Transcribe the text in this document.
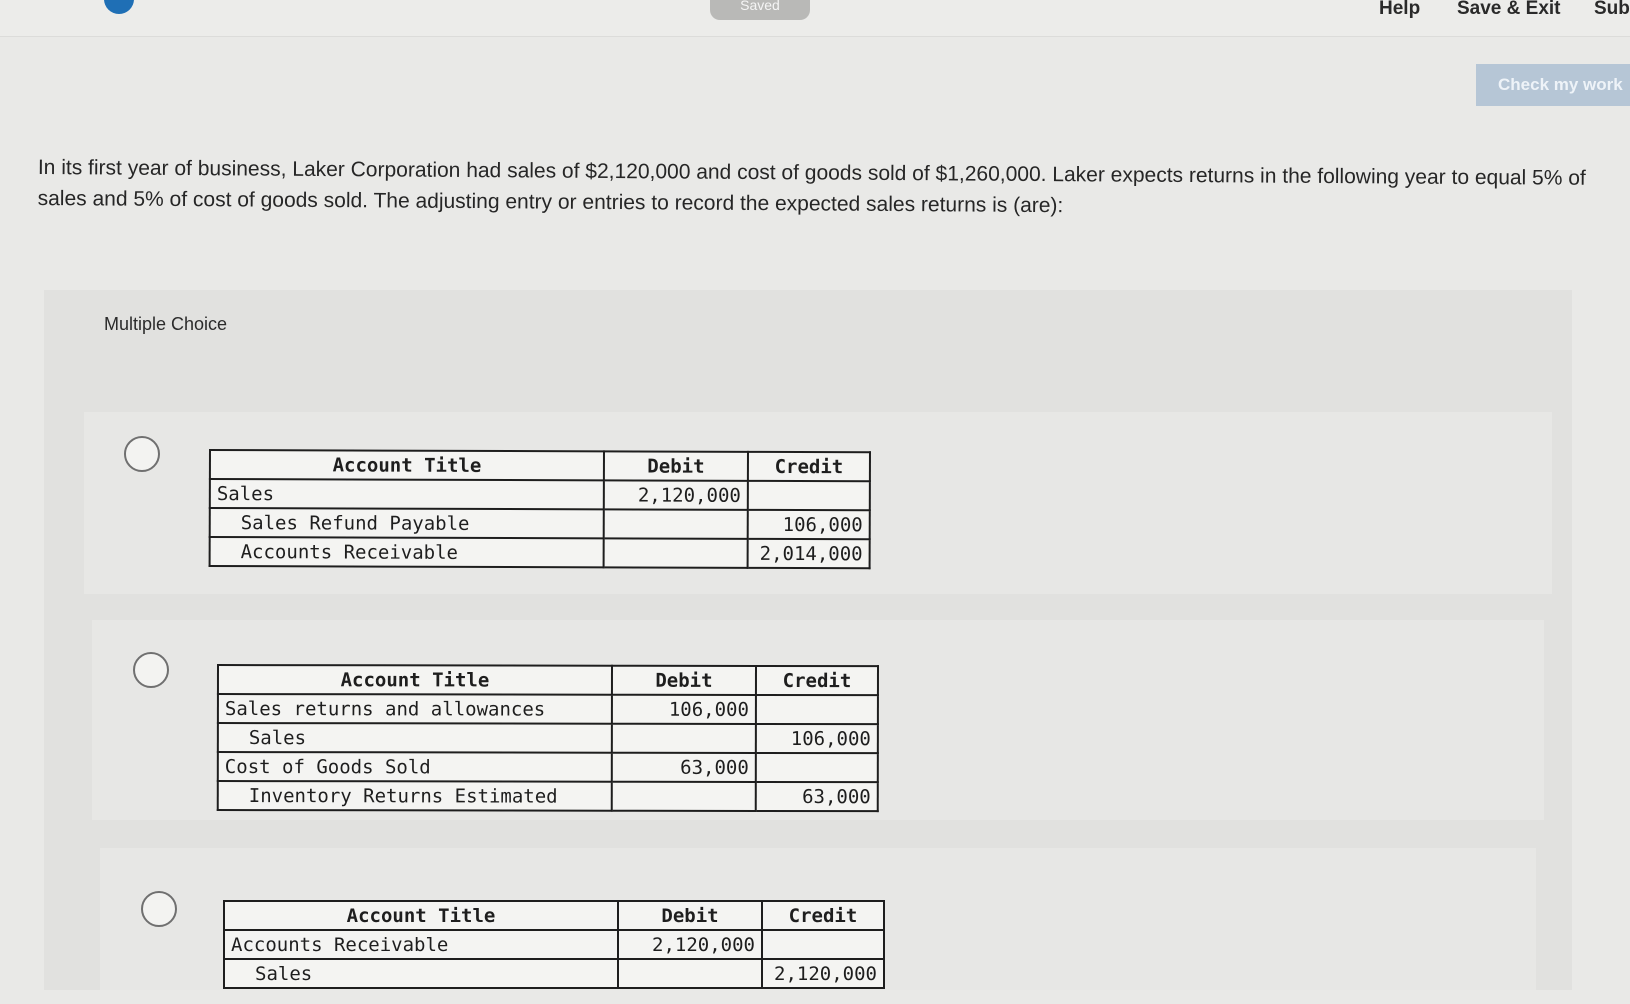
Saved	Help Save & Exit Sub
Check my work
In its first year of business, Laker Corporation had sales of $2,120,000 and cost of goods sold of $1,260,000. Laker expects returns in the following year to equal 5% of sales and 5% of cost of goods sold. The adjusting entry or entries to record the expected sales returns is (are):
Multiple Choice
Account Title	Debit	Credit
Sales	2,120,000	
Sales Refund Payable		106,000
Accounts Receivable		2,014,000
Account Title	Debit	Credit
Sales returns and allowances	106,000	
Sales		106,000
Cost of Goods Sold	63,000	
Inventory Returns Estimated		63,000
Account Title	Debit	Credit
Accounts Receivable	2,120,000	
Sales		2,120,000
